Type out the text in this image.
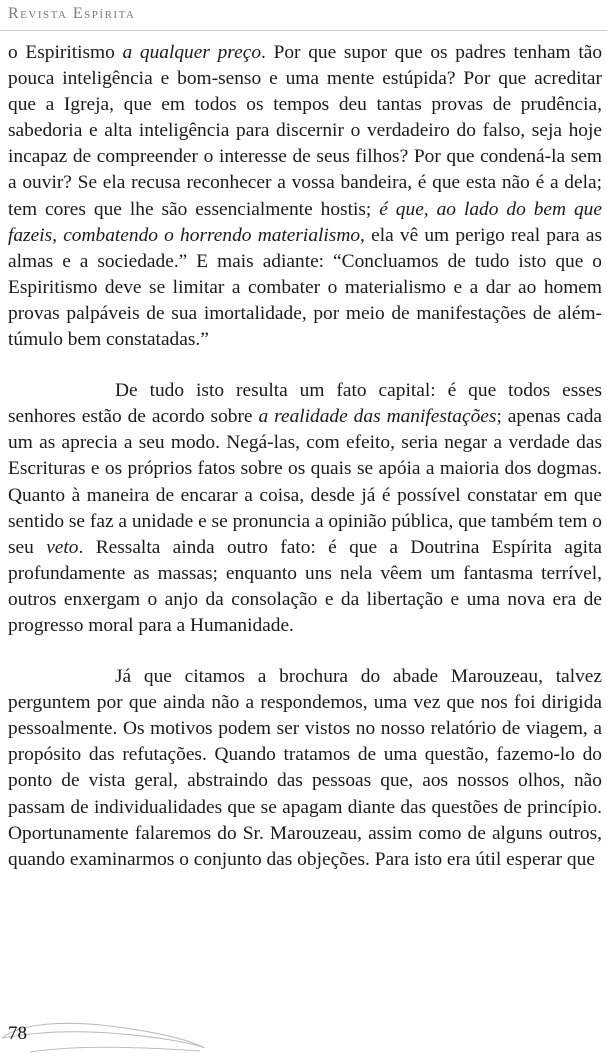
Revista Espírita

o Espiritismo a qualquer preço. Por que supor que os padres tenham tão pouca inteligência e bom-senso e uma mente estúpida? Por que acreditar que a Igreja, que em todos os tempos deu tantas provas de prudência, sabedoria e alta inteligência para discernir o verdadeiro do falso, seja hoje incapaz de compreender o interesse de seus filhos? Por que condená-la sem a ouvir? Se ela recusa reconhecer a vossa bandeira, é que esta não é a dela; tem cores que lhe são essencialmente hostis; é que, ao lado do bem que fazeis, combatendo o horrendo materialismo, ela vê um perigo real para as almas e a sociedade.” E mais adiante: “Concluamos de tudo isto que o Espiritismo deve se limitar a combater o materialismo e a dar ao homem provas palpáveis de sua imortalidade, por meio de manifestações de além-túmulo bem constatadas.”

De tudo isto resulta um fato capital: é que todos esses senhores estão de acordo sobre a realidade das manifestações; apenas cada um as aprecia a seu modo. Negá-las, com efeito, seria negar a verdade das Escrituras e os próprios fatos sobre os quais se apóia a maioria dos dogmas. Quanto à maneira de encarar a coisa, desde já é possível constatar em que sentido se faz a unidade e se pronuncia a opinião pública, que também tem o seu veto. Ressalta ainda outro fato: é que a Doutrina Espírita agita profundamente as massas; enquanto uns nela vêem um fantasma terrível, outros enxergam o anjo da consolação e da libertação e uma nova era de progresso moral para a Humanidade.

Já que citamos a brochura do abade Marouzeau, talvez perguntem por que ainda não a respondemos, uma vez que nos foi dirigida pessoalmente. Os motivos podem ser vistos no nosso relatório de viagem, a propósito das refutações. Quando tratamos de uma questão, fazemo-lo do ponto de vista geral, abstraindo das pessoas que, aos nossos olhos, não passam de individualidades que se apagam diante das questões de princípio. Oportunamente falaremos do Sr. Marouzeau, assim como de alguns outros, quando examinarmos o conjunto das objeções. Para isto era útil esperar que

78
